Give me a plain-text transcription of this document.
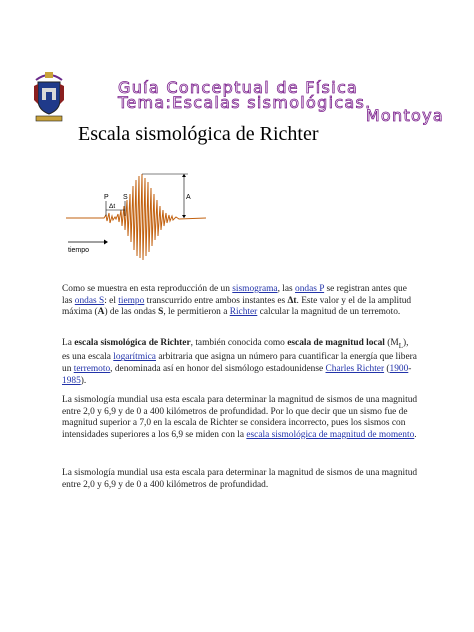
Guía Conceptual de Física
Tema:Escalas sismológicas.
Montoya
Escala sismológica de Richter
P S
Δt
A
tiempo

Como se muestra en esta reproducción de un sismograma, las ondas P se registran antes que las ondas S: el tiempo transcurrido entre ambos instantes es Δt. Este valor y el de la amplitud máxima (A) de las ondas S, le permitieron a Richter calcular la magnitud de un terremoto.

La escala sismológica de Richter, también conocida como escala de magnitud local $(M_L)$, es una escala logarítmica arbitraria que asigna un número para cuantificar la energía que libera un terremoto, denominada así en honor del sismólogo estadounidense Charles Richter (1900-1985).

La sismología mundial usa esta escala para determinar la magnitud de sismos de una magnitud entre 2,0 y 6,9 y de 0 a 400 kilómetros de profundidad. Por lo que decir que un sismo fue de magnitud superior a 7,0 en la escala de Richter se considera incorrecto, pues los sismos con intensidades superiores a los 6,9 se miden con la escala sismológica de magnitud de momento.

La sismología mundial usa esta escala para determinar la magnitud de sismos de una magnitud entre 2,0 y 6,9 y de 0 a 400 kilómetros de profundidad.
